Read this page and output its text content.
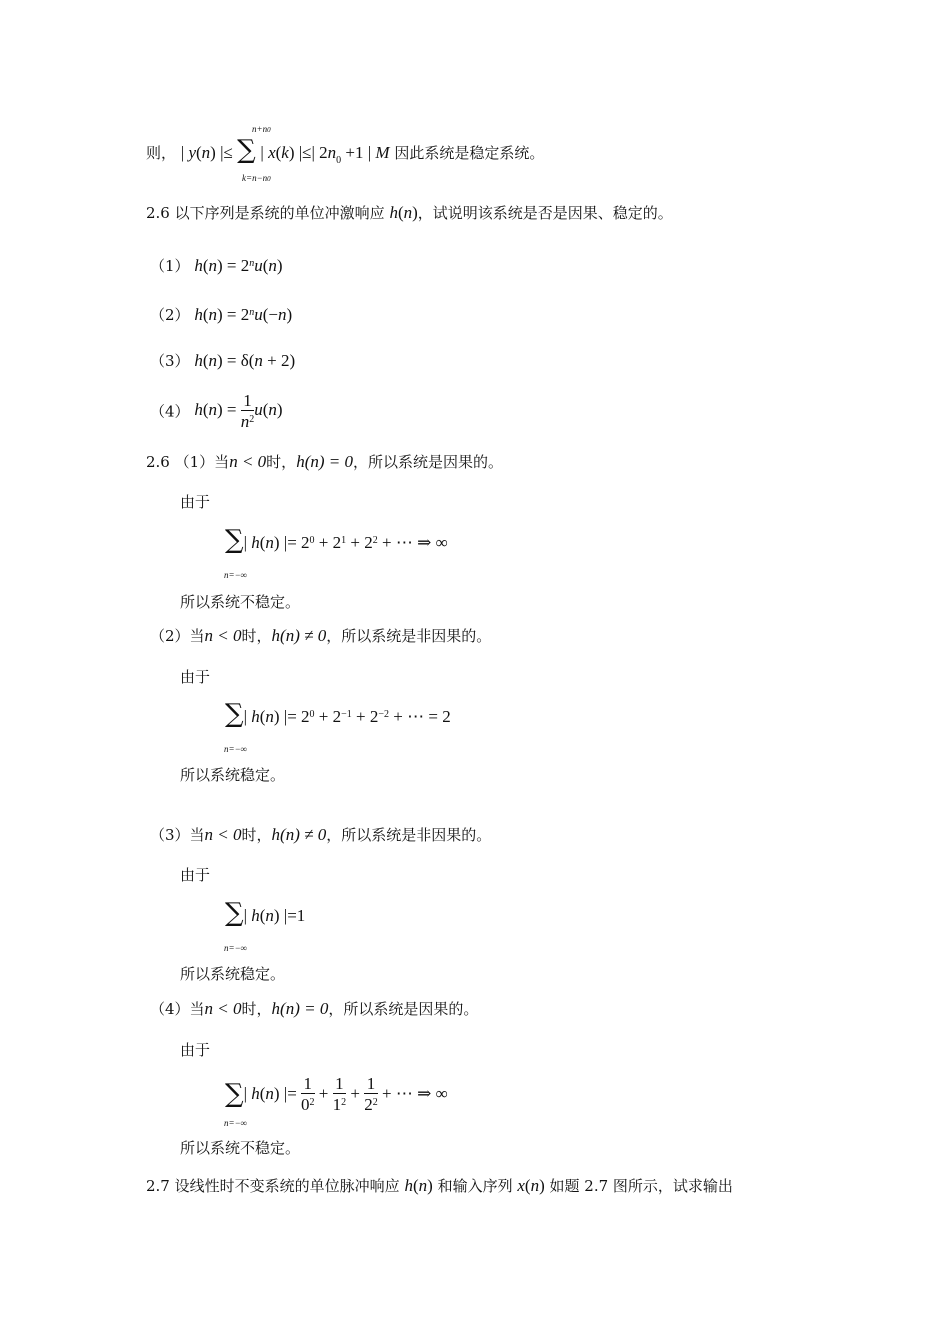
则， | y(n) |≤ ∑ | x(k) |≤| $2n_0 +1$ | M 因此系统是稳定系统。
n+n0
k=n−n0
2.6 以下序列是系统的单位冲激响应 h(n)，试说明该系统是否是因果、稳定的。
（1） $h(n) = 2^nu(n)$
（2） $h(n) = 2^nu(-n)$
（3） h(n) = δ(n + 2)
（4） $h(n) = \frac{1}{n^2} u(n)$
2.6 （1）当n < 0时，h(n) = 0，所以系统是因果的。
由于
∑| h(n) |= $2^0 + 2^1 + 2^2$ + ⋯ ⇒ ∞
n=−∞
所以系统不稳定。
（2）当n < 0时，h(n) ≠ 0，所以系统是非因果的。
由于
∑| h(n) |= $2^0 + 2^{-1} + 2^{-2}$ + ⋯ = 2
n=−∞
所以系统稳定。
（3）当n < 0时，h(n) ≠ 0，所以系统是非因果的。
由于
∑| h(n) |=1
n=−∞
所以系统稳定。
（4）当n < 0时，h(n) = 0，所以系统是因果的。
由于
∑| h(n) |= $\frac{1}{0^2} + \frac{1}{1^2} + \frac{1}{2^2}$ + ⋯ ⇒ ∞
n=−∞
所以系统不稳定。
2.7 设线性时不变系统的单位脉冲响应 h(n) 和输入序列 x(n) 如题 2.7 图所示，试求输出
